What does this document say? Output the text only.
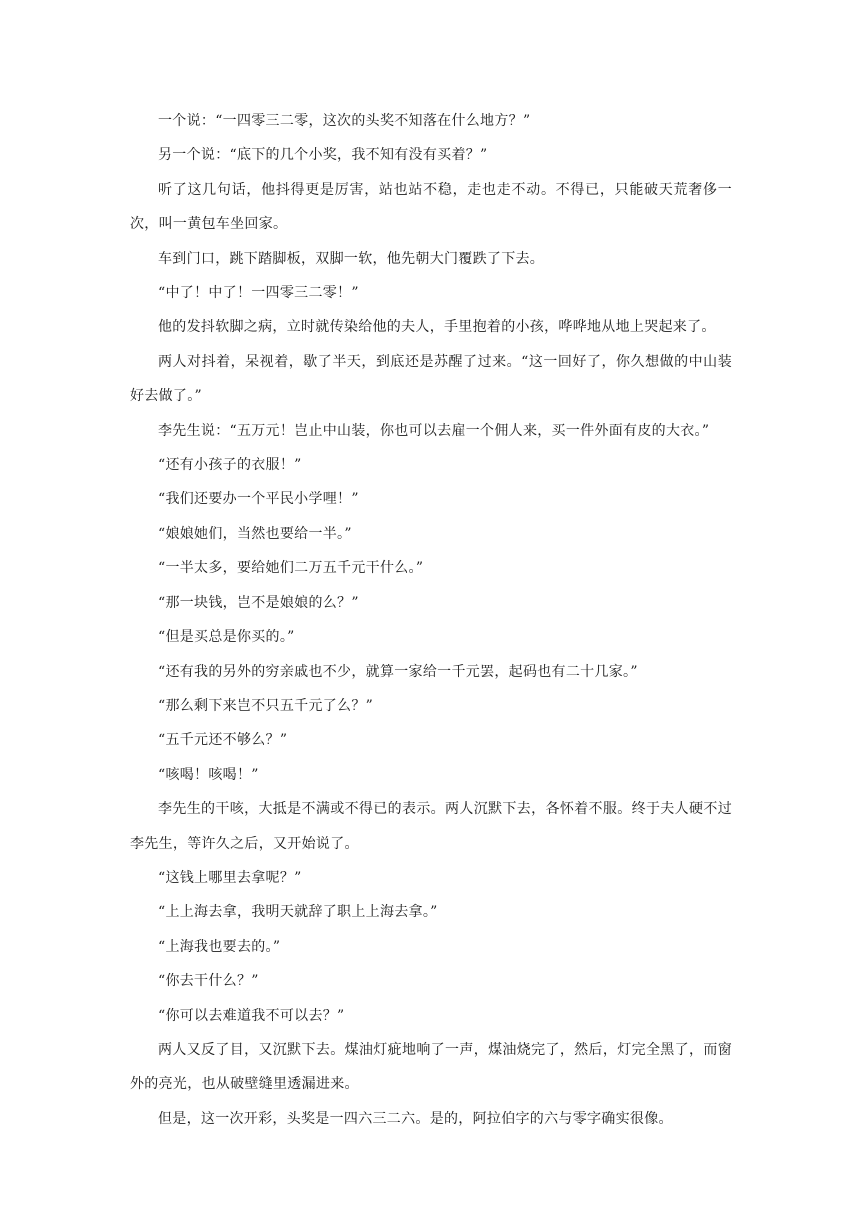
一个说：“一四零三二零，这次的头奖不知落在什么地方？”

另一个说：“底下的几个小奖，我不知有没有买着？”

听了这几句话，他抖得更是厉害，站也站不稳，走也走不动。不得已，只能破天荒奢侈一次，叫一黄包车坐回家。

车到门口，跳下踏脚板，双脚一软，他先朝大门覆跌了下去。

“中了！中了！一四零三二零！”

他的发抖软脚之病，立时就传染给他的夫人，手里抱着的小孩，哗哗地从地上哭起来了。

两人对抖着，呆视着，歇了半天，到底还是苏醒了过来。“这一回好了，你久想做的中山装好去做了。”

李先生说：“五万元！岂止中山装，你也可以去雇一个佣人来，买一件外面有皮的大衣。”

“还有小孩子的衣服！”

“我们还要办一个平民小学哩！”

“娘娘她们，当然也要给一半。”

“一半太多，要给她们二万五千元干什么。”

“那一块钱，岂不是娘娘的么？”

“但是买总是你买的。”

“还有我的另外的穷亲戚也不少，就算一家给一千元罢，起码也有二十几家。”

“那么剩下来岂不只五千元了么？”

“五千元还不够么？”

“咳喝！咳喝！”

李先生的干咳，大抵是不满或不得已的表示。两人沉默下去，各怀着不服。终于夫人硬不过李先生，等许久之后，又开始说了。

“这钱上哪里去拿呢？”

“上上海去拿，我明天就辞了职上上海去拿。”

“上海我也要去的。”

“你去干什么？”

“你可以去难道我不可以去？”

两人又反了目，又沉默下去。煤油灯疵地响了一声，煤油烧完了，然后，灯完全黑了，而窗外的亮光，也从破壁缝里透漏进来。

但是，这一次开彩，头奖是一四六三二六。是的，阿拉伯字的六与零字确实很像。
